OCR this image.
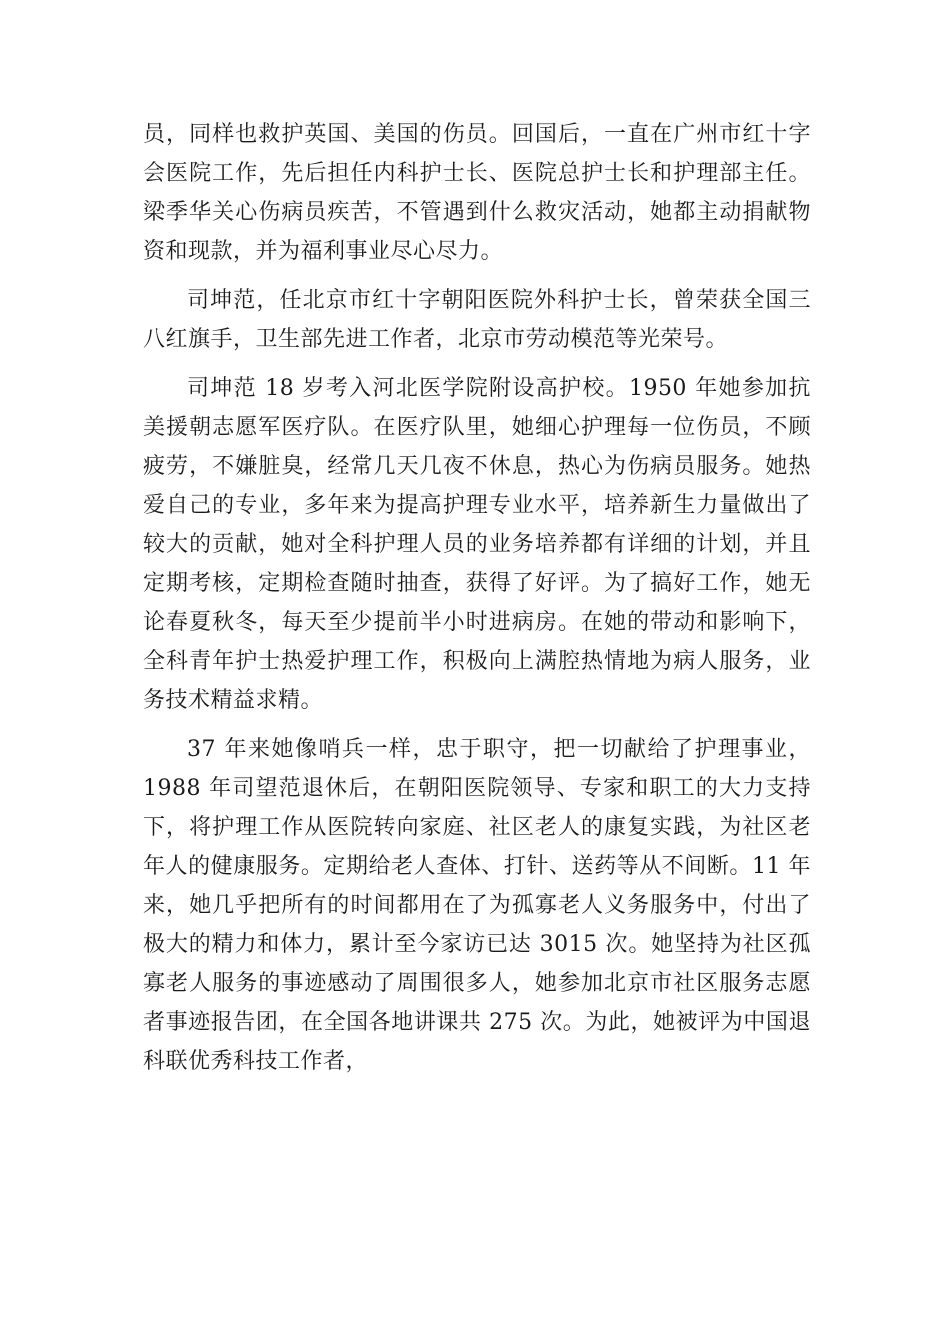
员，同样也救护英国、美国的伤员。回国后，一直在广州市红十字会医院工作，先后担任内科护士长、医院总护士长和护理部主任。梁季华关心伤病员疾苦，不管遇到什么救灾活动，她都主动捐献物资和现款，并为福利事业尽心尽力。

司坤范，任北京市红十字朝阳医院外科护士长，曾荣获全国三八红旗手，卫生部先进工作者，北京市劳动模范等光荣号。

司坤范 18 岁考入河北医学院附设高护校。1950 年她参加抗美援朝志愿军医疗队。在医疗队里，她细心护理每一位伤员，不顾疲劳，不嫌脏臭，经常几天几夜不休息，热心为伤病员服务。她热爱自己的专业，多年来为提高护理专业水平，培养新生力量做出了较大的贡献，她对全科护理人员的业务培养都有详细的计划，并且定期考核，定期检查随时抽查，获得了好评。为了搞好工作，她无论春夏秋冬，每天至少提前半小时进病房。在她的带动和影响下，全科青年护士热爱护理工作，积极向上满腔热情地为病人服务，业务技术精益求精。

37 年来她像哨兵一样，忠于职守，把一切献给了护理事业，1988 年司望范退休后，在朝阳医院领导、专家和职工的大力支持下，将护理工作从医院转向家庭、社区老人的康复实践，为社区老年人的健康服务。定期给老人查体、打针、送药等从不间断。11 年来，她几乎把所有的时间都用在了为孤寡老人义务服务中，付出了极大的精力和体力，累计至今家访已达 3015 次。她坚持为社区孤寡老人服务的事迹感动了周围很多人，她参加北京市社区服务志愿者事迹报告团，在全国各地讲课共 275 次。为此，她被评为中国退科联优秀科技工作者，
